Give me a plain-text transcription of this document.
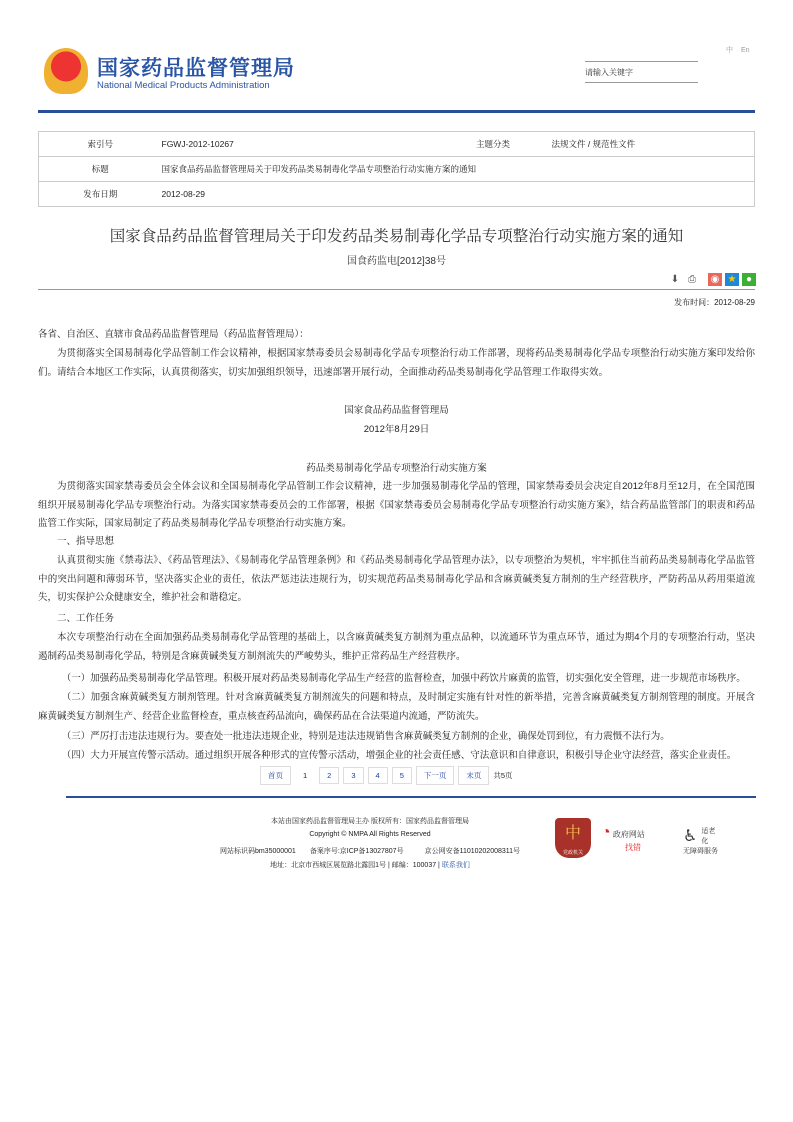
国家药品监督管理局
National Medical Products Administration
中 En
请输入关键字
索引号	FGWJ-2012-10267	主题分类	法规文件 / 规范性文件
标题	国家食品药品监督管理局关于印发药品类易制毒化学品专项整治行动实施方案的通知		
发布日期	2012-08-29		
国家食品药品监督管理局关于印发药品类易制毒化学品专项整治行动实施方案的通知
国食药监电[2012]38号
⬇ ⎙	◉ ★ ●
发布时间：2012-08-29
各省、自治区、直辖市食品药品监督管理局（药品监督管理局）：
为贯彻落实全国易制毒化学品管制工作会议精神，根据国家禁毒委员会易制毒化学品专项整治行动工作部署，现将药品类易制毒化学品专项整治行动实施方案印发给你们。请结合本地区工作实际，认真贯彻落实，切实加强组织领导，迅速部署开展行动，全面推动药品类易制毒化学品管理工作取得实效。
国家食品药品监督管理局
2012年8月29日
药品类易制毒化学品专项整治行动实施方案
为贯彻落实国家禁毒委员会全体会议和全国易制毒化学品管制工作会议精神，进一步加强易制毒化学品的管理，国家禁毒委员会决定自2012年8月至12月，在全国范围组织开展易制毒化学品专项整治行动。为落实国家禁毒委员会的工作部署，根据《国家禁毒委员会易制毒化学品专项整治行动实施方案》，结合药品监管部门的职责和药品监管工作实际，国家局制定了药品类易制毒化学品专项整治行动实施方案。
一、指导思想
认真贯彻实施《禁毒法》、《药品管理法》、《易制毒化学品管理条例》和《药品类易制毒化学品管理办法》，以专项整治为契机，牢牢抓住当前药品类易制毒化学品监管中的突出问题和薄弱环节，坚决落实企业的责任，依法严惩违法违规行为，切实规范药品类易制毒化学品和含麻黄碱类复方制剂的生产经营秩序，严防药品从药用渠道流失，切实保护公众健康安全，维护社会和谐稳定。
二、工作任务
本次专项整治行动在全面加强药品类易制毒化学品管理的基础上，以含麻黄碱类复方制剂为重点品种，以流通环节为重点环节，通过为期4个月的专项整治行动，坚决遏制药品类易制毒化学品，特别是含麻黄碱类复方制剂流失的严峻势头，维护正常药品生产经营秩序。
（一）加强药品类易制毒化学品管理。积极开展对药品类易制毒化学品生产经营的监督检查，加强中药饮片麻黄的监管，切实强化安全管理，进一步规范市场秩序。
（二）加强含麻黄碱类复方制剂管理。针对含麻黄碱类复方制剂流失的问题和特点，及时制定实施有针对性的新举措，完善含麻黄碱类复方制剂管理的制度。开展含麻黄碱类复方制剂生产、经营企业监督检查，重点核查药品流向，确保药品在合法渠道内流通，严防流失。
（三）严厉打击违法违规行为。要查处一批违法违规企业，特别是违法违规销售含麻黄碱类复方制剂的企业，确保处罚到位，有力震慑不法行为。
（四）大力开展宣传警示活动。通过组织开展各种形式的宣传警示活动，增强企业的社会责任感、守法意识和自律意识，积极引导企业守法经营，落实企业责任。
首页	1	2	3	4	5	下一页	末页	共5页
本站由国家药品监督管理局主办 版权所有：国家药品监督管理局
Copyright © NMPA All Rights Reserved
网站标识码bm35000001　　备案序号:京ICP备13027807号　　　京公网安备11010202008311号
地址：北京市西城区展览路北露园1号 | 邮编：100037 | 联系我们
中
党政机关
◔ 政府网站
找错
♿ 适老化
无障碍服务
